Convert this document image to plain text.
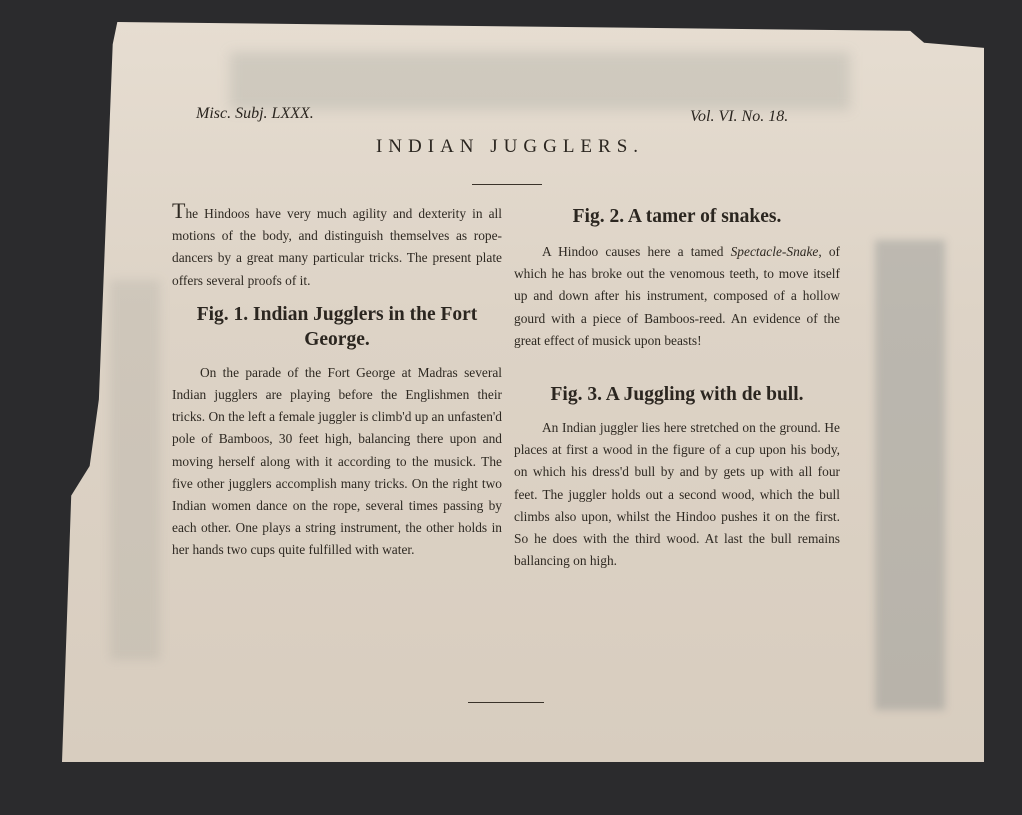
Misc. Subj. LXXX.	Vol. VI. No. 18.
INDIAN JUGGLERS.

The Hindoos have very much agility and dexterity in all motions of the body, and distinguish themselves as rope-dancers by a great many particular tricks. The present plate offers several proofs of it.

Fig. 1. Indian Jugglers in the Fort George.

On the parade of the Fort George at Madras several Indian jugglers are playing before the Englishmen their tricks. On the left a female juggler is climb'd up an unfasten'd pole of Bamboos, 30 feet high, balancing there upon and moving herself along with it according to the musick. The five other jugglers accomplish many tricks. On the right two Indian women dance on the rope, several times passing by each other. One plays a string instrument, the other holds in her hands two cups quite fulfilled with water.

Fig. 2. A tamer of snakes.

A Hindoo causes here a tamed Spectacle-Snake, of which he has broke out the venomous teeth, to move itself up and down after his instrument, composed of a hollow gourd with a piece of Bamboos-reed. An evidence of the great effect of musick upon beasts!

Fig. 3. A Juggling with de bull.

An Indian juggler lies here stretched on the ground. He places at first a wood in the figure of a cup upon his body, on which his dress'd bull by and by gets up with all four feet. The juggler holds out a second wood, which the bull climbs also upon, whilst the Hindoo pushes it on the first. So he does with the third wood. At last the bull remains ballancing on high.
